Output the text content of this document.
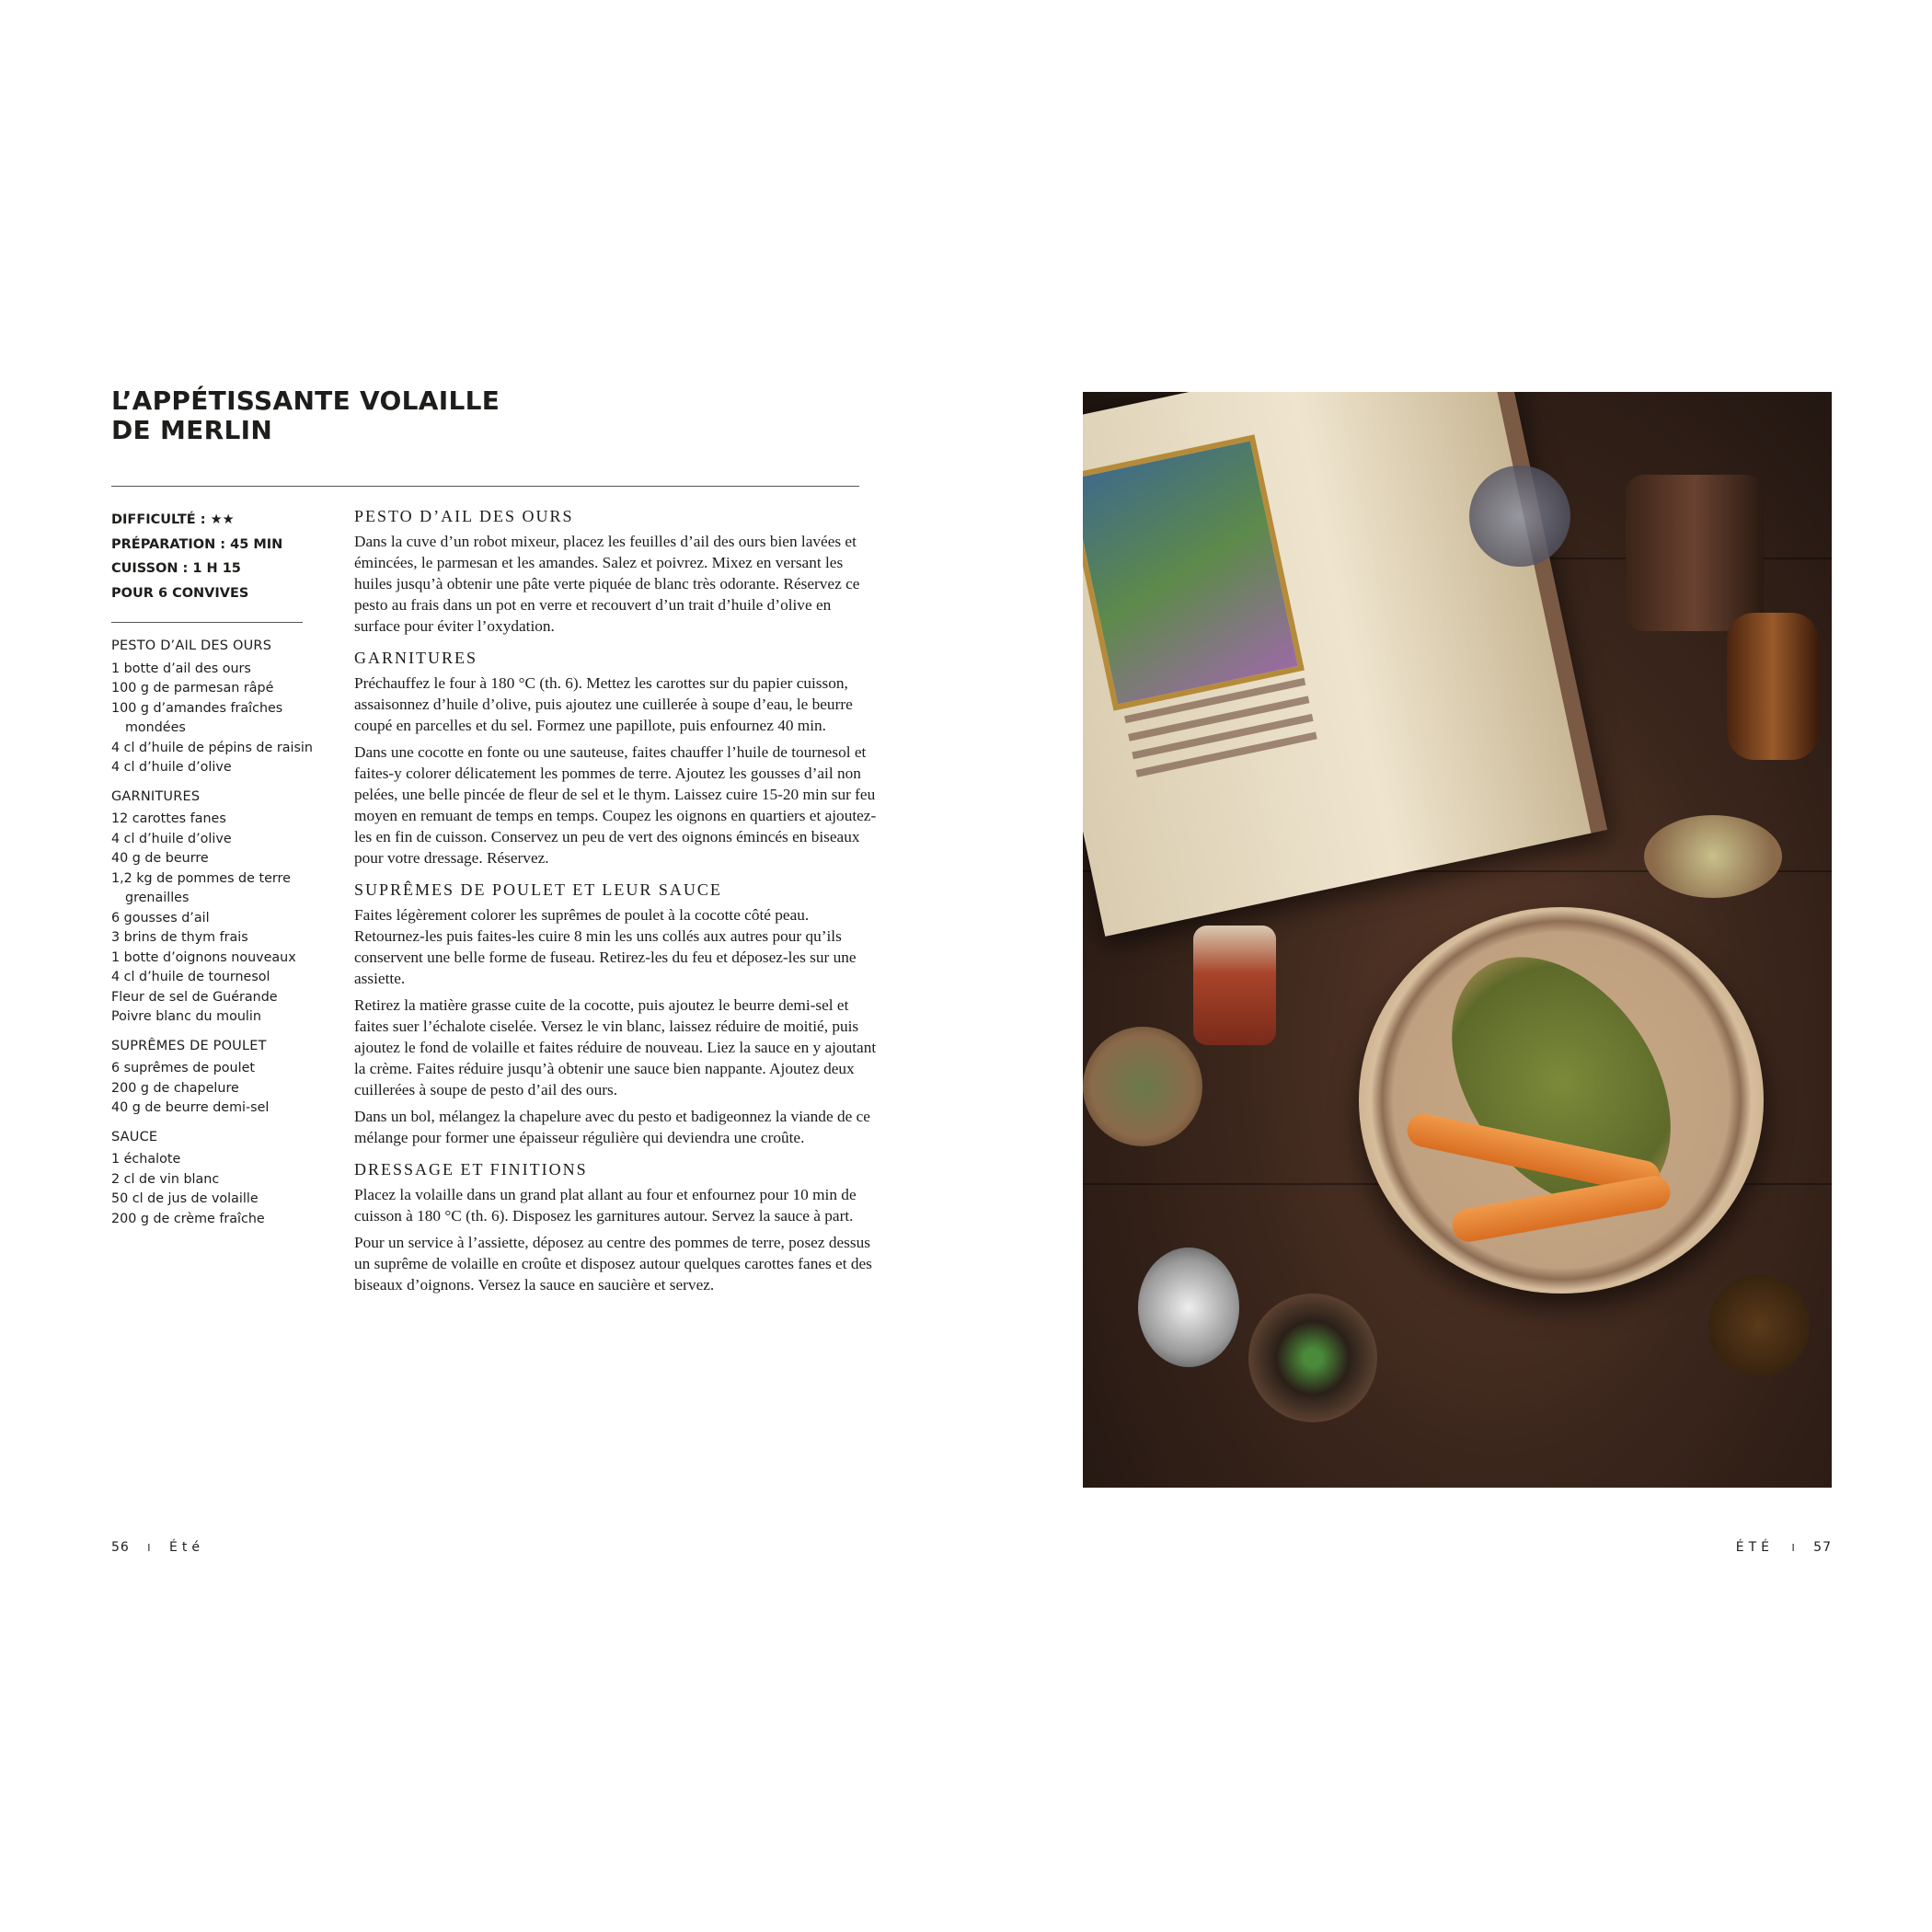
L’APPÉTISSANTE VOLAILLE
DE MERLIN
DIFFICULTÉ : ★★
PRÉPARATION : 45 MIN
CUISSON : 1 H 15
POUR 6 CONVIVES
PESTO D’AIL DES OURS
1 botte d’ail des ours
100 g de parmesan râpé
100 g d’amandes fraîches mondées
4 cl d’huile de pépins de raisin
4 cl d’huile d’olive
GARNITURES
12 carottes fanes
4 cl d’huile d’olive
40 g de beurre
1,2 kg de pommes de terre grenailles
6 gousses d’ail
3 brins de thym frais
1 botte d’oignons nouveaux
4 cl d’huile de tournesol
Fleur de sel de Guérande
Poivre blanc du moulin
SUPRÊMES DE POULET
6 suprêmes de poulet
200 g de chapelure
40 g de beurre demi-sel
SAUCE
1 échalote
2 cl de vin blanc
50 cl de jus de volaille
200 g de crème fraîche
PESTO D’AIL DES OURS

Dans la cuve d’un robot mixeur, placez les feuilles d’ail des ours bien lavées et émincées, le parmesan et les amandes. Salez et poivrez. Mixez en versant les huiles jusqu’à obtenir une pâte verte piquée de blanc très odorante. Réservez ce pesto au frais dans un pot en verre et recouvert d’un trait d’huile d’olive en surface pour éviter l’oxydation.

GARNITURES

Préchauffez le four à 180 °C (th. 6). Mettez les carottes sur du papier cuisson, assaisonnez d’huile d’olive, puis ajoutez une cuillerée à soupe d’eau, le beurre coupé en parcelles et du sel. Formez une papillote, puis enfournez 40 min.

Dans une cocotte en fonte ou une sauteuse, faites chauffer l’huile de tournesol et faites-y colorer délicatement les pommes de terre. Ajoutez les gousses d’ail non pelées, une belle pincée de fleur de sel et le thym. Laissez cuire 15-20 min sur feu moyen en remuant de temps en temps. Coupez les oignons en quartiers et ajoutez-les en fin de cuisson. Conservez un peu de vert des oignons émincés en biseaux pour votre dressage. Réservez.

SUPRÊMES DE POULET ET LEUR SAUCE

Faites légèrement colorer les suprêmes de poulet à la cocotte côté peau. Retournez-les puis faites-les cuire 8 min les uns collés aux autres pour qu’ils conservent une belle forme de fuseau. Retirez-les du feu et déposez-les sur une assiette.

Retirez la matière grasse cuite de la cocotte, puis ajoutez le beurre demi-sel et faites suer l’échalote ciselée. Versez le vin blanc, laissez réduire de moitié, puis ajoutez le fond de volaille et faites réduire de nouveau. Liez la sauce en y ajoutant la crème. Faites réduire jusqu’à obtenir une sauce bien nappante. Ajoutez deux cuillerées à soupe de pesto d’ail des ours.

Dans un bol, mélangez la chapelure avec du pesto et badigeonnez la viande de ce mélange pour former une épaisseur régulière qui deviendra une croûte.

DRESSAGE ET FINITIONS

Placez la volaille dans un grand plat allant au four et enfournez pour 10 min de cuisson à 180 °C (th. 6). Disposez les garnitures autour. Servez la sauce à part.

Pour un service à l’assiette, déposez au centre des pommes de terre, posez dessus un suprême de volaille en croûte et disposez autour quelques carottes fanes et des biseaux d’oignons. Versez la sauce en saucière et servez.

56 I Été	ÉTÉ I 57
